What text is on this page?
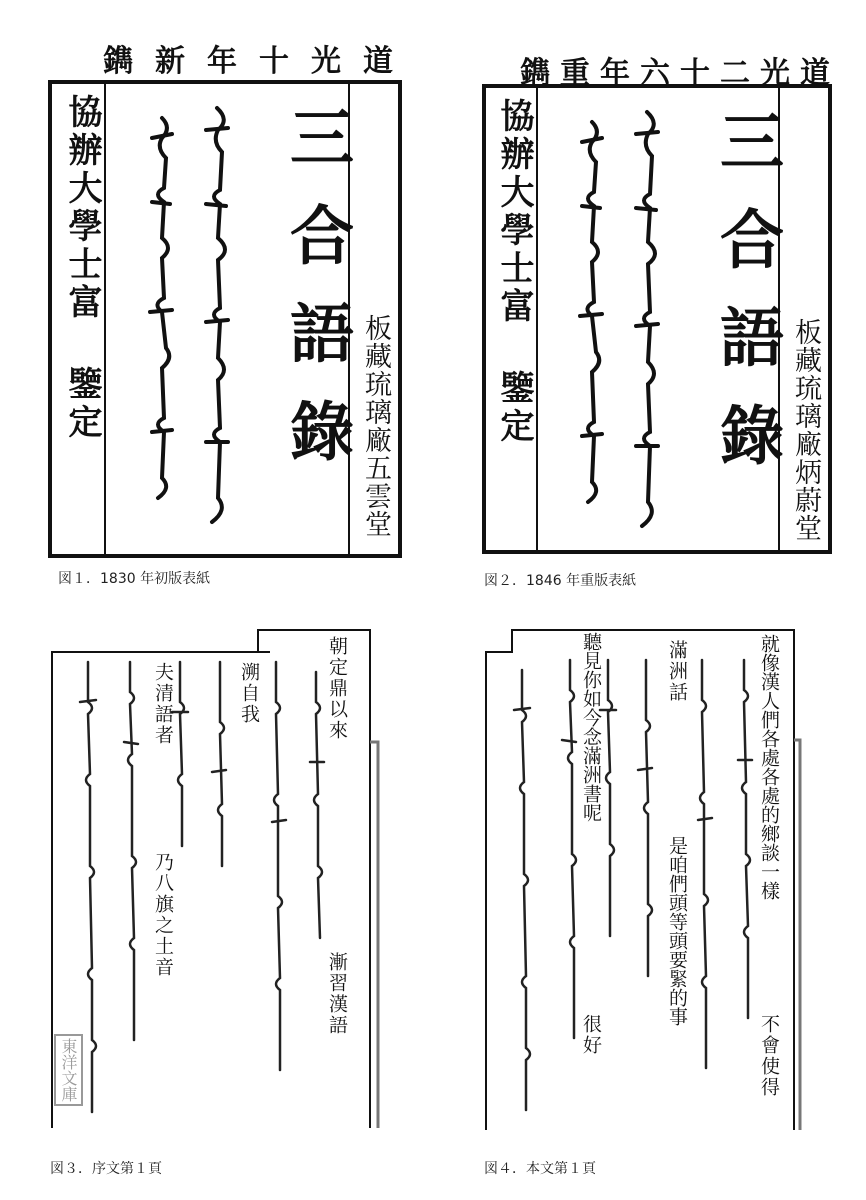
道光十年新鐫
協辦大學士富 鑒定	三合語錄 板藏琉璃廠五雲堂
図１．1830 年初版表紙
道光二十六年重鐫
協辦大學士富 鑒定	三合語錄 板藏琉璃廠炳蔚堂
図２．1846 年重版表紙
朝定鼎以來
溯自我
夫清語者
乃八旗之土音
漸習漢語
東洋文庫
図３．序文第１頁
就像漢人們各處各處的鄉談一樣
滿洲話
聽見你如今念滿洲書呢
是咱們頭等頭要緊的事
很好	不會使得
図４．本文第１頁
